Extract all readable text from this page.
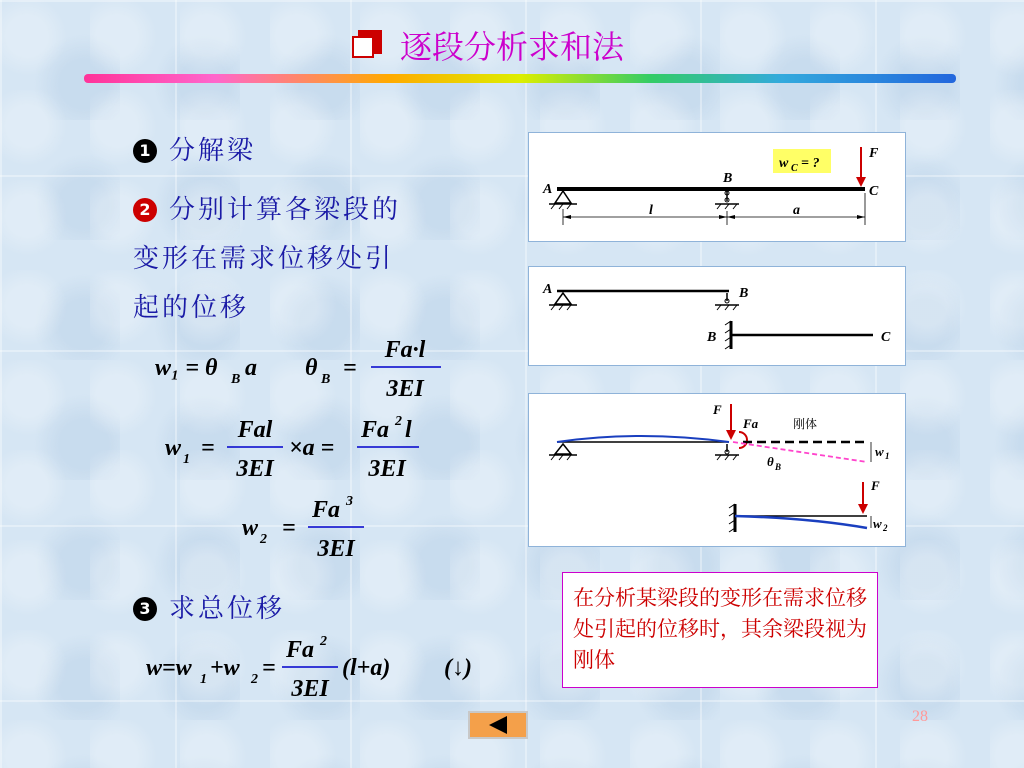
逐段分析求和法
1 分解梁
2 分别计算各梁段的
变形在需求位移处引
起的位移
w₁ = θ B a θ B =
Fa·l
3EI
w 1 =
Fal
3EI
×a =
Fa 2 l
3EI
w 2 =
Fa 3
3EI
3 求总位移
w=w 1 +w 2 =
Fa 2
3EI
(l+a) (↓)
A
B
l	a
w C = ?
F
C
A	B
B	C
F
Fa	刚体
θ B
w 1
F
w 2
在分析某梁段的变形在需求位移处引起的位移时，其余梁段视为刚体
28
